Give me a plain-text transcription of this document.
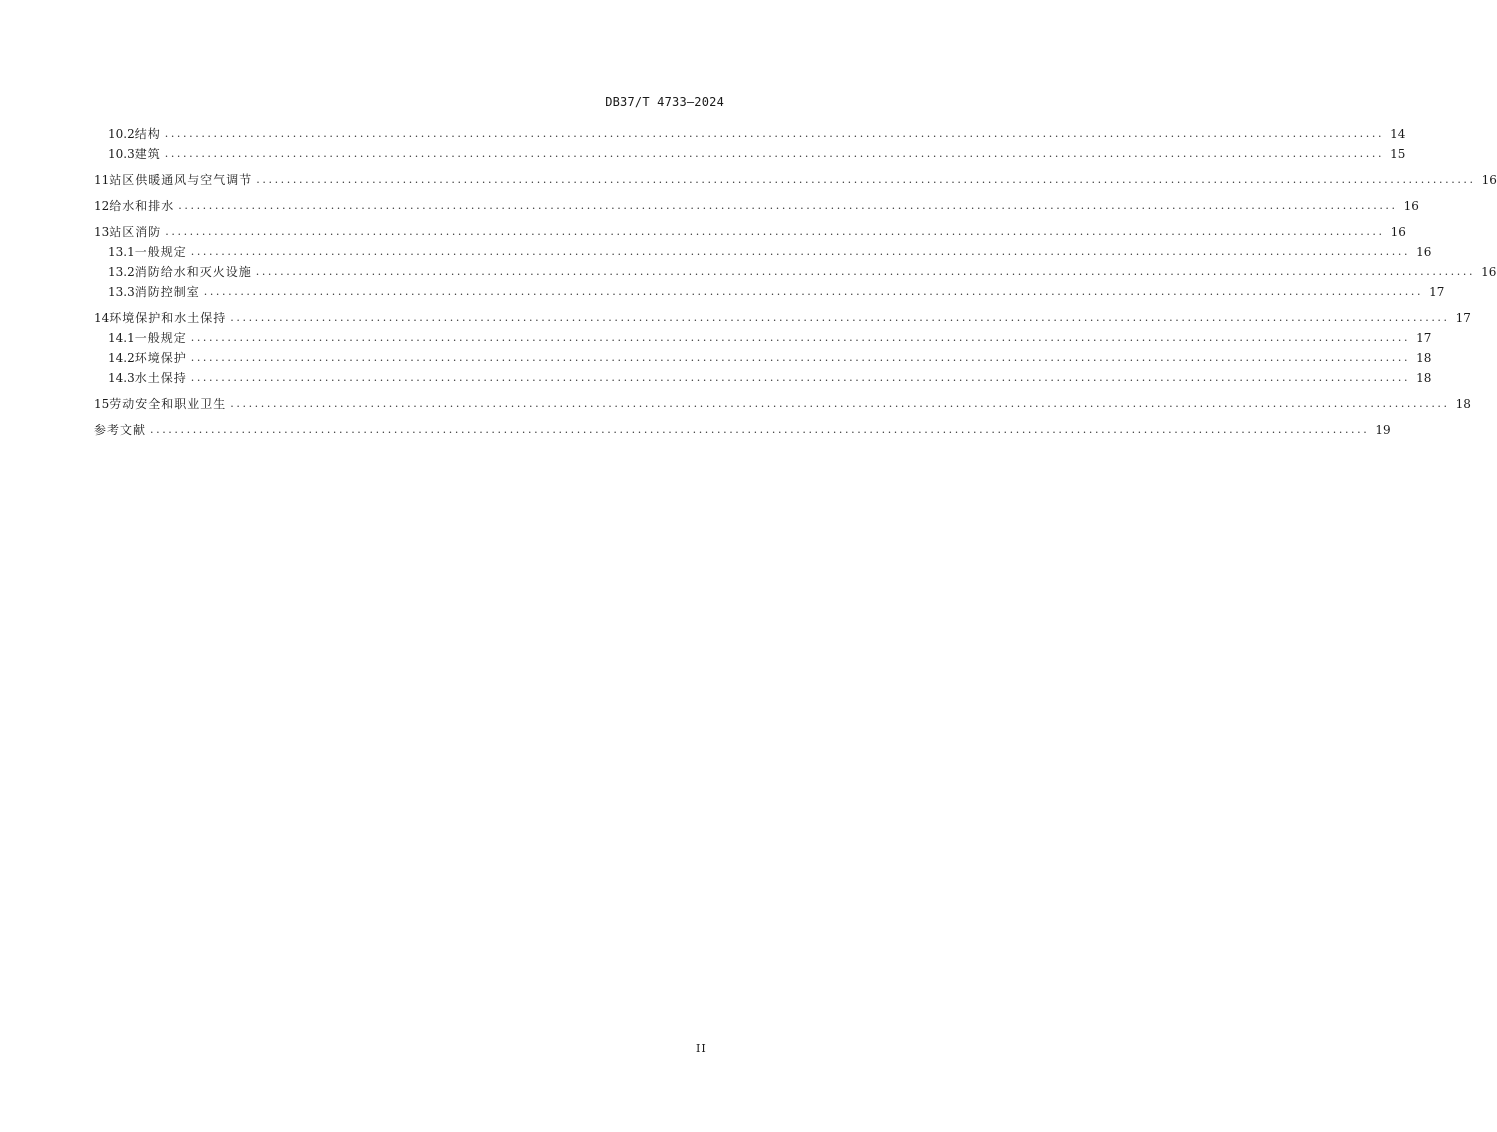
DB37/T 4733—2024
10.2 结构 ........................................................................................................................................................................................................ 14
10.3 建筑 ........................................................................................................................................................................................................ 15
11 站区供暖通风与空气调节 ........................................................................................................................................................................................................ 16
12 给水和排水 ........................................................................................................................................................................................................ 16
13 站区消防 ........................................................................................................................................................................................................ 16
13.1 一般规定 ........................................................................................................................................................................................................ 16
13.2 消防给水和灭火设施 ........................................................................................................................................................................................................ 16
13.3 消防控制室 ........................................................................................................................................................................................................ 17
14 环境保护和水土保持 ........................................................................................................................................................................................................ 17
14.1 一般规定 ........................................................................................................................................................................................................ 17
14.2 环境保护 ........................................................................................................................................................................................................ 18
14.3 水土保持 ........................................................................................................................................................................................................ 18
15 劳动安全和职业卫生 ........................................................................................................................................................................................................ 18
参考文献 ........................................................................................................................................................................................................ 19
II
